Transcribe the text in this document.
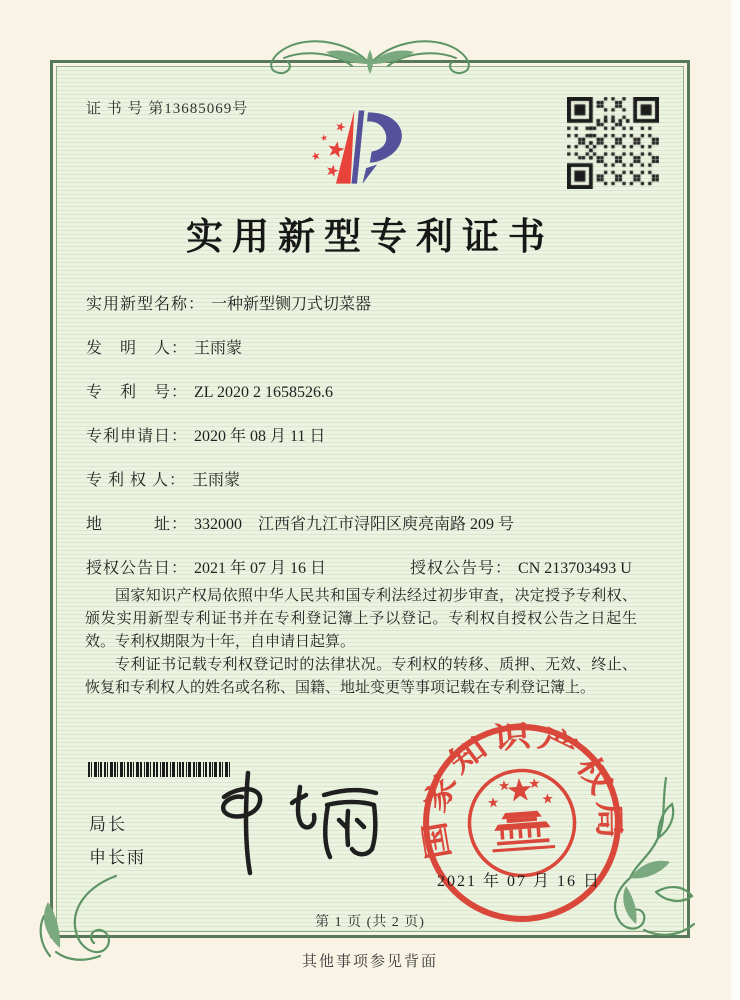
证 书 号 第13685069号
实用新型专利证书
实用新型名称： 一种新型铡刀式切菜器
发　明　人： 王雨蒙
专　利　号： ZL 2020 2 1658526.6
专利申请日： 2020 年 08 月 11 日
专 利 权 人： 王雨蒙
地　　　址： 332000　江西省九江市浔阳区庾亮南路 209 号
授权公告日： 2021 年 07 月 16 日	授权公告号： CN 213703493 U

国家知识产权局依照中华人民共和国专利法经过初步审查，决定授予专利权、颁发实用新型专利证书并在专利登记簿上予以登记。专利权自授权公告之日起生效。专利权期限为十年，自申请日起算。

专利证书记载专利权登记时的法律状况。专利权的转移、质押、无效、终止、恢复和专利权人的姓名或名称、国籍、地址变更等事项记载在专利登记簿上。

局长
申长雨	国家知识产权局
2021 年 07 月 16 日
第 1 页 (共 2 页)
其他事项参见背面
